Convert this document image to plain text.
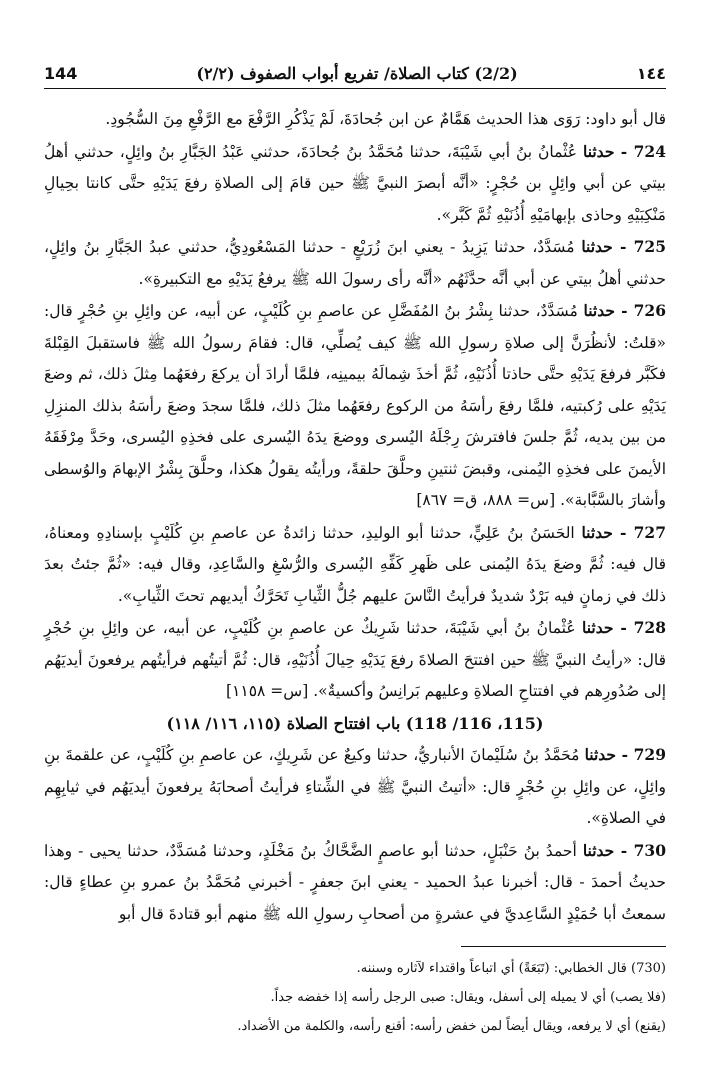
144	(2/2) كتاب الصلاة/ تفريع أبواب الصفوف (٢/٢)	١٤٤

قال أبو داود: رَوَى هذا الحديث هَمَّامٌ عن ابن جُحادَةَ، لَمْ يَذْكُرِ الرَّفْعَ مع الرَّفْعِ مِنَ السُّجُودِ.

724 - حدثنا عُثْمانُ بنُ أبي شَيْبَةَ، حدثنا مُحَمَّدُ بنُ جُحادَةَ، حدثني عَبْدُ الجَبَّارِ بنُ وائِلٍ، حدثني أهلُ بيتي عن أبي وائِلٍ بن حُجْرٍ: «أنَّه أبصرَ النبيَّ ﷺ حين قامَ إلى الصلاةِ رفعَ يَدَيْهِ حتَّى كانتا بحِيالِ مَنْكِبَيْهِ وحاذى بإبهامَيْهِ أُذُنَيْهِ ثُمَّ كَبَّر».

725 - حدثنا مُسَدَّدٌ، حدثنا يَزِيدُ - يعني ابنَ زُرَيْعٍ - حدثنا المَسْعُودِيُّ، حدثني عبدُ الجَبَّارِ بنُ وائِلٍ، حدثني أهلُ بيتي عن أبي أنَّه حدَّثَهُم «أنَّه رأى رسولَ الله ﷺ يرفعُ يَدَيْهِ مع التكبيرةِ».

726 - حدثنا مُسَدَّدٌ، حدثنا بِشْرُ بنُ المُفَضَّلِ عن عاصمِ بنِ كُلَيْبٍ، عن أبيه، عن وائِلِ بنِ حُجْرٍ قال: «قلتُ: لأنظُرَنَّ إلى صلاةِ رسولِ الله ﷺ كيف يُصلِّي، قال: فقامَ رسولُ الله ﷺ فاستقبلَ القِبْلةَ فكَبَّر فرفعَ يَدَيْهِ حتَّى حاذتا أُذُنَيْهِ، ثُمَّ أخذَ شِمالَهُ بيمينِه، فلمَّا أرادَ أن يركعَ رفعَهُما مِثلَ ذلك، ثم وضعَ يَدَيْهِ على رُكبتيه، فلمَّا رفعَ رأسَهُ من الركوع رفعَهُما مثلَ ذلك، فلمَّا سجدَ وضعَ رأسَهُ بذلك المنزِلِ من بين يديه، ثُمَّ جلسَ فافترشَ رِجْلَهُ اليُسرى ووضعَ يدَهُ اليُسرى على فخذِهِ اليُسرى، وحَدَّ مِرْفَقَهُ الأيمنَ على فخذِهِ اليُمنى، وقبضَ ثنتينِ وحلَّقَ حلقةً، ورأيتُه يقولُ هكذا، وحلَّقَ بِشْرٌ الإبهامَ والوُسطى وأشارَ بالسَّبَّابة». [س= ٨٨٨، ق= ٨٦٧]

727 - حدثنا الحَسَنُ بنُ عَلِيٍّ، حدثنا أبو الوليدِ، حدثنا زائدةُ عن عاصمِ بنِ كُلَيْبٍ بإسنادِهِ ومعناهُ، قال فيه: ثُمَّ وضعَ يدَهُ اليُمنى على ظَهرِ كَفِّهِ اليُسرى والرُّسْغِ والسَّاعِدِ، وقال فيه: «ثُمَّ جئتُ بعدَ ذلك في زمانٍ فيه بَرْدٌ شديدٌ فرأيتُ النَّاسَ عليهم جُلُّ الثِّيابِ تَحَرَّكُ أيديهم تحتَ الثِّيابِ».

728 - حدثنا عُثْمانُ بنُ أبي شَيْبَةَ، حدثنا شَرِيكٌ عن عاصمِ بنِ كُلَيْبٍ، عن أبيه، عن وائِلِ بنِ حُجْرٍ قال: «رأيتُ النبيَّ ﷺ حين افتتحَ الصلاةَ رفعَ يَدَيْهِ حِيالَ أُذُنَيْهِ، قال: ثُمَّ أتيتُهم فرأيتُهم يرفعونَ أيديَهُم إلى صُدُورِهم في افتتاحِ الصلاةِ وعليهم بَرانِسُ وأكسيةٌ». [س= ١١٥٨]

(115، 116/ 118) باب افتتاح الصلاة (١١٥، ١١٦/ ١١٨)

729 - حدثنا مُحَمَّدُ بنُ سُلَيْمانَ الأنباريُّ، حدثنا وكيعٌ عن شَرِيكٍ، عن عاصمِ بنِ كُلَيْبٍ، عن علقمةَ بنِ وائِلٍ، عن وائِلِ بنِ حُجْرٍ قال: «أتيتُ النبيَّ ﷺ في الشِّتاءِ فرأيتُ أصحابَهُ يرفعونَ أيديَهُم في ثيابِهِم في الصلاةِ».

730 - حدثنا أحمدُ بنُ حَنْبَلٍ، حدثنا أبو عاصمٍ الضَّحَّاكُ بنُ مَخْلَدٍ، وحدثنا مُسَدَّدٌ، حدثنا يحيى - وهذا حديثُ أحمدَ - قال: أخبرنا عبدُ الحميد - يعني ابنَ جعفرٍ - أخبرني مُحَمَّدُ بنُ عمرو بنِ عطاءٍ قال: سمعتُ أبا حُمَيْدٍ السَّاعِديَّ في عشرةٍ من أصحابِ رسولِ الله ﷺ منهم أبو قتادةَ قال أبو

(730) قال الخطابي: (تَبَعَةً) أي اتباعاً واقتداء لآثاره وسننه.

(فلا يصب) أي لا يميله إلى أسفل، ويقال: صبى الرجل رأسه إذا خفضه جداً.

(يقنع) أي لا يرفعه، ويقال أيضاً لمن خفض رأسه: أقنع رأسه، والكلمة من الأضداد.
